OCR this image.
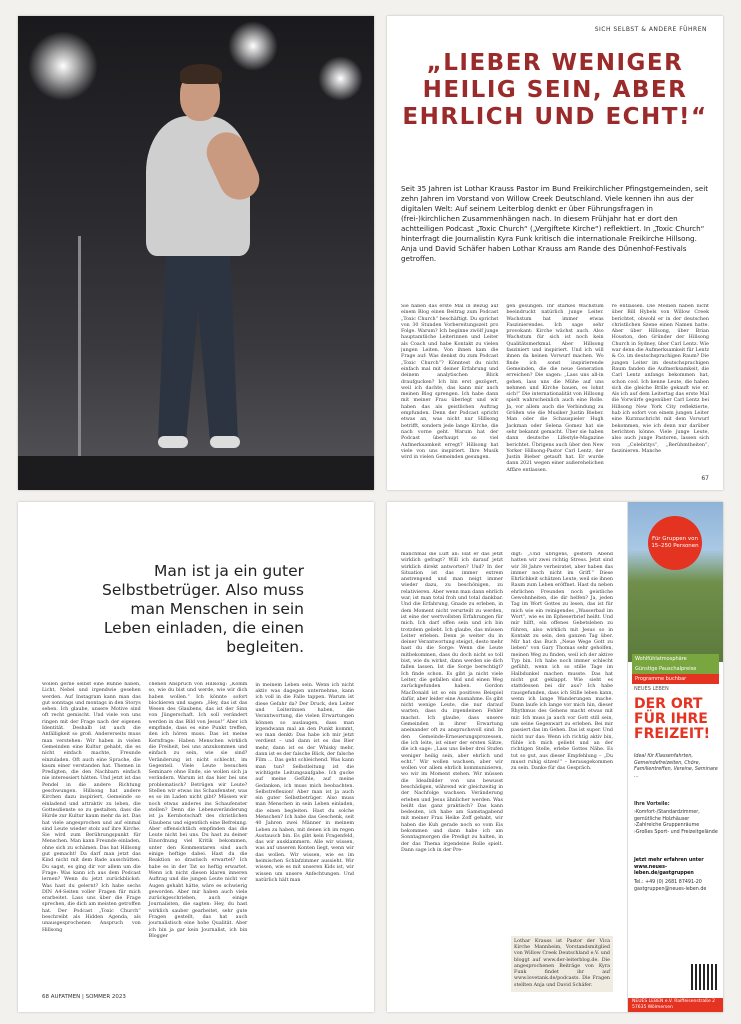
SICH SELBST & ANDERE FÜHREN
„LIEBER WENIGER HEILIG SEIN, ABER EHRLICH UND ECHT!“
Seit 35 Jahren ist Lothar Krauss Pastor im Bund Freikirchlicher Pfingstgemeinden, seit zehn Jahren im Vorstand von Willow Creek Deutschland. Viele kennen ihn aus der digitalen Welt: Auf seinem Leiterblog denkt er über Führungsfragen in (frei-)kirchlichen Zusammenhängen nach. In diesem Frühjahr hat er dort den achtteiligen Podcast „Toxic Church“ („Vergiftete Kirche“) reflektiert. In „Toxic Church“ hinterfragt die Journalistin Kyra Funk kritisch die internationale Freikirche Hillsong. Anja und David Schäfer haben Lothar Krauss am Rande des Dünenhof-Festivals getroffen.
Sie haben das erste Mal in Bezug auf einem Blog einen Beitrag zum Podcast „Toxic Church“ beschäftigt. Du sprichst von 30 Stunden Vorbereitungszeit pro Folge. Warum? Ich beginne zwölf junge hauptamtliche Leiterinnen und Leiter als Coach und habe Kontakt zu vielen jungen Leiten. Von ihnen kam die Frage auf: Was denkst du zum Podcast „Toxic Church“? Könntest du nicht einfach mal mit deiner Erfahrung und deinem analytischen Blick draufgucken? Ich bin erst gezögert, weil ich dachte, das kann mir auch meinen Blog sprengen. Ich habe dann mit meiner Frau überlegt und wir haben das als geistlichen Auftrag empfunden. Denn der Podcast spricht etwas an, was nicht nur Hillsong betrifft, sondern jede lange Kirche, die nach vorne geht. Warum hat der Podcast überhaupt so viel Aufmerksamkeit erregt? Hillsong hat viele von uns inspiriert. Ihre Musik wird in vielen Gemeinden gesungen.
gen gesungen. Ihr starkes Wachstum beeindruckt natürlich junge Leiter. Wachstum hat immer etwas Faszinierendes. Ich sage sehr provokant: Kirche wächst auch. Also Wachstum für sich ist noch kein Qualitätsmerkmal. Aber Hillsong fasziniert und inspiriert. Und ich will ihnen da keinen Vorwurf machen. Wo finde ich sonst inspirierende Gemeinden, die die neue Generation erreichen? Die sagen: „Lass uns all-in gehen, lass uns die Mühe auf uns nehmen und Kirche bauen, es lohnt sich!“ Die internationalität von Hillsong spielt wahrscheinlich auch eine Rolle. Ja, vor allem auch die Verbindung zu Größen wie die Musiker Justin Bieber. Man oder die Schauspieler Hugh Jackman oder Selena Gomez hat sie sehr bekannt gemacht. Über sie haben dann deutsche Lifestyle-Magazine berichtet. Übrigens auch über den New Yorker Hillsong-Pastor Carl Lentz, der Justin Bieber getauft hat. Er wurde dann 2021 wegen einer außerehelichen Affäre entlassen.
re entlassen. Die Medien haben nicht über Bill Hybels von Willow Creek berichtet, obwohl er in der deutschen christlichen Szene einen Namen hatte. Aber über Hillsong, über Brian Houston, den Gründer der Hillsong Church in Sydney, über Carl Lentz. Wie war denn die Aufmerksamkeit für Lentz & Co. im deutschsprachigen Raum? Die jungen Leiter im deutschsprachigen Raum fanden die Aufmerksamkeit, die Carl Lentz anfangs bekommen hat, schon cool. Ich kenne Leute, die haben sich die gleiche Brille gekauft wie er. Als ich auf dem Leitertag das erste Mal die Vorwürfe gegenüber Carl Lentz bei Hillsong New York City reflektierte, hab ich sofort von einem jungen Leiter eine Kurznachricht mit dem Vorwurf bekommen, wie ich denn nur darüber berichten könne. Viele junge Leute, also auch junge Pastoren, lassen sich von „Celebritys“, „Berühmtheiten“, faszinieren. Manche
67
Man ist ja ein guter Selbstbetrüger. Also muss man Menschen in sein Leben einladen, die einen begleiten.
wollen gerne selbst eine Bühne haben, Licht, Nebel und irgendwie gesehen werden. Auf Instagram kann man das gut sonntags und montags in den Storys sehen. Ich glaube, unsere Motive sind oft recht gemischt. Und viele von uns ringen mit der Frage nach der eigenen Identität. Deshalb ist auch die Anfälligkeit so groß. Andererseits muss man verstehen: Wir haben in vielen Gemeinden eine Kultur gehabt, die es nicht einfach machte, Freunde einzuladen. Oft auch eine Sprache, die kaum einer verstanden hat. Themen in Predigten, die den Nachbarn einfach nie interessiert hätten. Und jetzt ist das Pendel in die andere Richtung geschwungen. Hillsong hat andere Kirchen dazu inspiriert, Gemeinde so einladend und attraktiv zu leben, die Gottesdienste so zu gestalten, dass die Hürde zur Kultur kaum mehr da ist. Das hat viele angesprochen und auf einmal sind Leute wieder stolz auf ihre Kirche. Sie wird zum Berührungspunkt für Menschen. Man kann Freunde einladen, ohne sich zu schämen. Das hat Hillsong gut gemacht! Da darf man jetzt das Kind nicht mit dem Bade ausschütten. Du sagst, es ging dir vor allem um die Frage: Was kann ich aus dem Podcast lernen? Wenn du jetzt zurückblickst: Was hast du gelernt? Ich habe sechs DIN A4-Seiten voller Fragen für mich erarbeitet. Lass uns über die Frage sprechen, die dich am meisten getroffen hat. Der Podcast „Toxic Church“ beschreibt als Hidden Agenda, als unausgesprochenen Anspruch von Hillsong
chenen Anspruch von Hillsong: „Komm so, wie du bist und werde, wie wir dich haben wollen.“ Ich könnte sofort blockieren und sagen: „Hey, das ist das Wesen des Glaubens, das ist der Sinn von Jüngerschaft. Ich soll verändert werden in das Bild von Jesus!“ Aber ich empfinde, dass es eine Punkt treffen, den ich hören muss. Das ist meine Kernfrage: Haben Menschen wirklich die Freiheit, bei uns anzukommen und einfach zu sein, wie sie sind? Veränderung ist nicht schlecht, im Gegenteil. Viele Leute besuchen Seminare ohne Ende, sie wollen sich ja verändern. Warum ist das hier bei uns problematisch? Betrügen wir Leute? Stellen wir etwas ins Schaufenster, was es so im Laden nicht gibt? Müssen wir noch etwas anderes ins Schaufenster stellen? Denn die Lebensveränderung ist ja Kernbotschaft des christlichen Glaubens und eigentlich eine Befreiung. Aber offensichtlich empfinden das die Leute nicht bei uns. Du hast zu deiner Einordnung viel Kritik bekommen, unter den Kommentaren sind auch einige heftige dabei. Hast du die Reaktion so drastisch erwartet? Ich habe es in der Tat so heftig erwartet. Wenn ich nicht diesen klaren inneren Auftrag und die jungen Leute nicht vor Augen gehabt hätte, wäre es schwierig geworden. Aber mir haben auch viele zurückgeschrieben, auch einige Journalisten, die sagten: Hey, du hast wirklich sauber gearbeitet, sehr gute Fragen gestellt, das hat auch journalistisch eine hohe Qualität. Aber ich bin ja gar kein Journalist, ich bin Blogger
in meinem Leben sein. Wenn ich nicht aktiv was dagegen unternehme, kann ich voll in die Falle tappen. Warum ist diese Gefahr da? Der Druck, den Leiter und Leiterinnen haben, die Verantwortung, die vielen Erwartungen können so auslaugen, dass man irgendwann mal an den Punkt kommt, wo man denkt: Das habe ich mir jetzt verdient – und dann ist es das Bier mehr, dann ist es der Whisky mehr, dann ist es der falsche Blick, der falsche Film ... Das geht schleichend. Was kann man tun? Selbstleitung ist die wichtigste Leitungsaufgabe. Ich gucke auf meine Gefühle, auf meine Gedanken, ich muss mich beobachten. Selbstreflexion! Aber man ist ja auch ein guter Selbstbetrüger. Also muss man Menschen in sein Leben einladen, die einen begleiten. Hast du solche Menschen? Ich habe das Geschenk, seit 40 Jahren zwei Männer in meinem Leben zu haben, mit denen ich im regen Austausch bin. Es gibt kein Fragenfeld, das wir ausklammern. Alle wir wissen, was auf unseren Konten liegt, wenn wir das wollen. Wir wissen, wie es im heimischen Schlafzimmer aussieht. Wir wissen, wie es mit unseren Kids ist, wir wissen um unsere Anfechtungen. Und natürlich hält man
68 AUFATMEN | SOMMER 2023
manchmal die Luft an: Hat er das jetzt wirklich gefragt? Will ich darauf jetzt wirklich direkt antworten? Und? In der Situation ist das immer extrem anstrengend und man neigt immer wieder dazu, zu beschönigen, zu relativieren. Aber wenn man dann ehrlich war, ist man total froh und total dankbar. Und die Erfahrung, Gnade zu erleben, in dem Moment nicht verurteilt zu werden, ist eine der wertvollsten Erfahrungen für mich. Ich darf offen sein und ich bin trotzdem geliebt. Ich glaube, das müssen Leiter erleben. Denn je weiter du in deiner Verantwortung steigst, desto mehr hast du die Sorge: Wenn die Leute mitbekommen, dass du doch nicht so toll bist, wie du wirkst, dann werden sie dich fallen lassen. Ist die Sorge berechtigt? Ich finde schon. Es gibt ja nicht viele Leiter, die gefallen sind und einen Weg zurückgefunden haben. Gordon MacDonald ist so ein positives Beispiel dafür, aber leider eine Ausnahme. Es gibt nicht wenige Leute, die nur darauf warten, dass du irgendeinen Fehler machst. Ich glaube, dass unsere Gemeinden in ihrer Erwartung aneinander oft zu anspruchsvoll sind. In den Gemeinde-Erneuerungsprozessen, die ich leite, ist einer der ersten Sätze, die ich sage: „Lass uns lieber drei Stufen weniger heilig sein, aber ehrlich und echt.“ Wir wollen wachsen, aber wir wollen vor allem ehrlich kommunizieren, wo wir im Moment stehen. Wir müssen die Idealbilder von uns bewusst beschädigen, während wir gleichzeitig in der Nachfolge wachsen. Veränderung erleben und Jesus ähnlicher werden. Was heißt das ganz praktisch? Das kann bedeuten, ich habe am Samstagabend mit meiner Frau Heike Zoff gehabt, wir haben die Kuh gerade noch so vom Eis bekommen und dann habe ich am Sonntagmorgen die Predigt zu halten, in der das Thema irgendeine Rolle spielt. Dann sage ich in der Pre-
digt: „Und übrigens, gestern Abend hatten wir zwei richtig Stress. Jetzt sind wir 38 Jahre verheiratet, aber haben das immer noch nicht im Griff.“ Diese Ehrlichkeit schätzen Leute, weil sie ihnen Raum zum Leben eröffnet. Hast du neben ehrlichen Freunden noch geistliche Gewohnheiten, die dir helfen? Ja, jeden Tag im Wort Gottes zu lesen, das ist für mich wie ein reinigendes „Wasserbad im Wort“, wie es im Epheserbrief heißt. Und mir hilft, ein offenes Gebetsleben zu führen, also wirklich mit Jesus so in Kontakt zu sein, den ganzen Tag über. Mir hat das Buch „Neue Wege Gott zu lieben“ von Gary Thomas sehr geholfen, meinen Weg zu finden, weil ich der aktive Typ bin. Ich habe noch immer schlecht gefühlt, wenn ich so stille Tage im Halbdunkel machen musste. Das hat nicht gut geklappt. Wie sieht es stattdessen bei dir aus? Ich habe rausgefunden, dass ich Stille leben kann, wenn ich lange Wanderungen mache. Dann laufe ich lange vor mich hin, dieser Rhythmus des Gehens macht etwas mit mir. Ich muss ja auch vor Gott still sein, um seine Gegenwart zu erleben. Bei mir passiert das im Gehen. Das ist super. Und nicht nur das: Wenn ich richtig aktiv bin, fühle ich mich geliebt und an der richtigen Stelle, erlebe Gottes Nähe. Es tut so gut, aus dieser Empfehlung – „Du musst ruhig sitzen!“ – herausgekommen zu sein. Danke für das Gespräch.
Lothar Krauss ist Pastor der Vica Kirche Mannheim, Vorstandsmitglied von Willow Creek Deutschland e.V. und bloggt auf www.der-leiterblog.de. Die angesprochenen Beiträge von Kyra Funk findet ihr auf www.lovetank.de/podcasts. Die Fragen stellten Anja und David Schäfer.
Für Gruppen von 15–250 Personen
Wohlfühlatmosphäre
Günstige Pauschalpreise
Programme buchbar
NEUES LEBEN
DER ORT FÜR IHRE FREIZEIT!
Ideal für Klassenfahrten, Gemeindefreizeiten, Chöre, Familientreffen, Vereine, Seminare …
Ihre Vorteile:
›Komfort-/Standardzimmer, gemütliche Holzhäuser ›Zahlreiche Gruppenräume ›Großes Sport- und Freizeitgelände
Jetzt mehr erfahren unter www.neues-leben.de/gastgruppen
Tel.: +49 (0) 2681 87491-20 gastgruppen@neues-leben.de
NEUES LEBEN e.V. Raiffeisenstraße 2 57635 Wölmersen
